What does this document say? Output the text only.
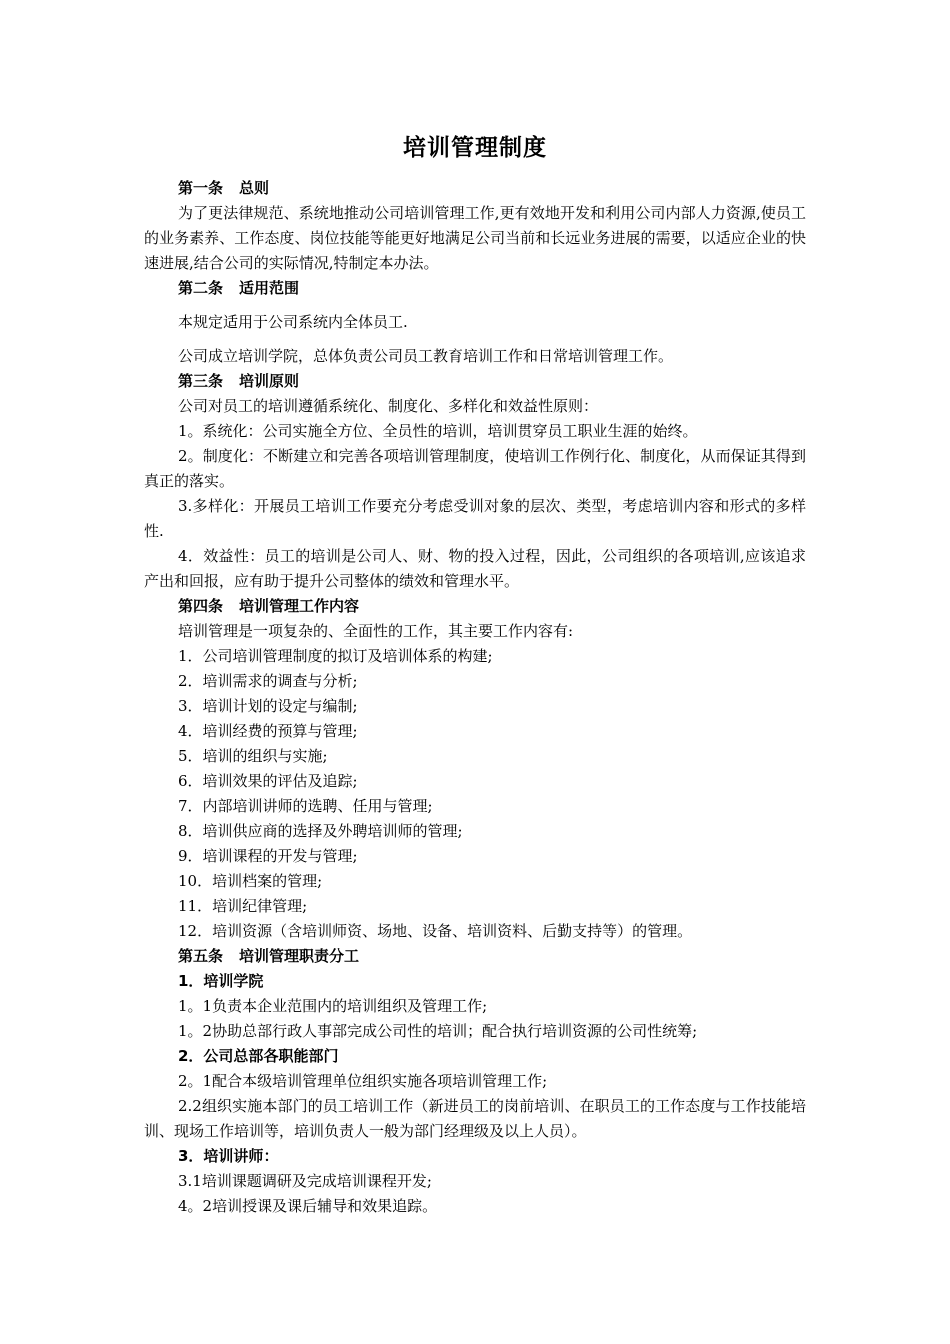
培训管理制度
第一条 总则

为了更法律规范、系统地推动公司培训管理工作,更有效地开发和利用公司内部人力资源,使员工的业务素养、工作态度、岗位技能等能更好地满足公司当前和长远业务进展的需要，以适应企业的快速进展,结合公司的实际情况,特制定本办法。

第二条 适用范围

本规定适用于公司系统内全体员工.

公司成立培训学院，总体负责公司员工教育培训工作和日常培训管理工作。

第三条 培训原则

公司对员工的培训遵循系统化、制度化、多样化和效益性原则：

1。系统化：公司实施全方位、全员性的培训，培训贯穿员工职业生涯的始终。

2。制度化：不断建立和完善各项培训管理制度，使培训工作例行化、制度化，从而保证其得到真正的落实。

3.多样化：开展员工培训工作要充分考虑受训对象的层次、类型，考虑培训内容和形式的多样性.

4．效益性：员工的培训是公司人、财、物的投入过程，因此，公司组织的各项培训,应该追求产出和回报，应有助于提升公司整体的绩效和管理水平。

第四条 培训管理工作内容

培训管理是一项复杂的、全面性的工作，其主要工作内容有:

1．公司培训管理制度的拟订及培训体系的构建;

2．培训需求的调查与分析;

3．培训计划的设定与编制;

4．培训经费的预算与管理;

5．培训的组织与实施;

6．培训效果的评估及追踪;

7．内部培训讲师的选聘、任用与管理;

8．培训供应商的选择及外聘培训师的管理;

9．培训课程的开发与管理;

10．培训档案的管理;

11．培训纪律管理;

12．培训资源（含培训师资、场地、设备、培训资料、后勤支持等）的管理。

第五条 培训管理职责分工
1．培训学院

1。1负责本企业范围内的培训组织及管理工作;

1。2协助总部行政人事部完成公司性的培训；配合执行培训资源的公司性统筹;

2．公司总部各职能部门

2。1配合本级培训管理单位组织实施各项培训管理工作;

2.2组织实施本部门的员工培训工作（新进员工的岗前培训、在职员工的工作态度与工作技能培训、现场工作培训等，培训负责人一般为部门经理级及以上人员）。

3．培训讲师：

3.1培训课题调研及完成培训课程开发;

4。2培训授课及课后辅导和效果追踪。
